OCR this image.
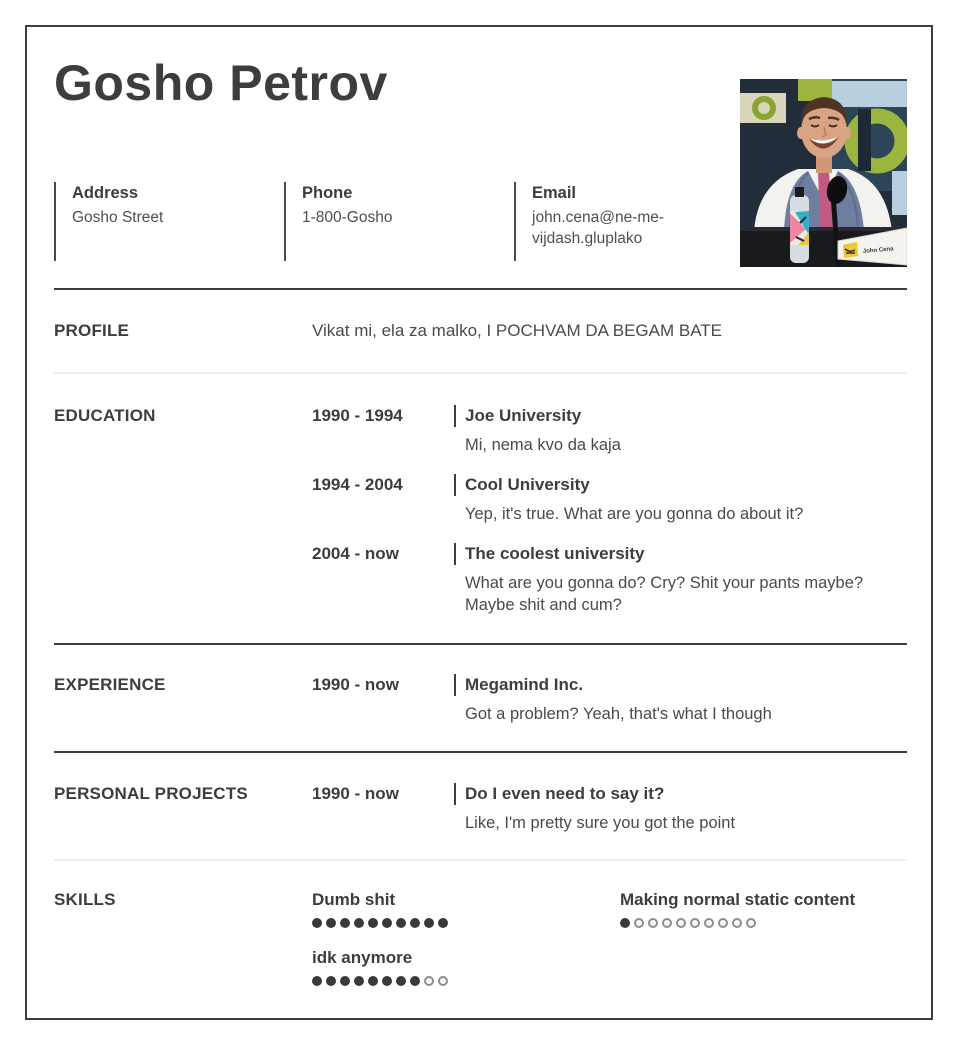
Gosho Petrov
John Cena
Address
Gosho Street
Phone
1-800-Gosho
Email
john.cena@ne-me-vijdash.gluplako
PROFILE	Vikat mi, ela za malko, I POCHVAM DA BEGAM BATE
EDUCATION	1990 - 1994	Joe University
Mi, nema kvo da kaja
1994 - 2004	Cool University
Yep, it's true. What are you gonna do about it?
2004 - now	The coolest university
What are you gonna do? Cry? Shit your pants maybe? Maybe shit and cum?
EXPERIENCE	1990 - now	Megamind Inc.
Got a problem? Yeah, that's what I though
PERSONAL PROJECTS	1990 - now	Do I even need to say it?
Like, I'm pretty sure you got the point
SKILLS	Dumb shit
idk anymore
Making normal static content
